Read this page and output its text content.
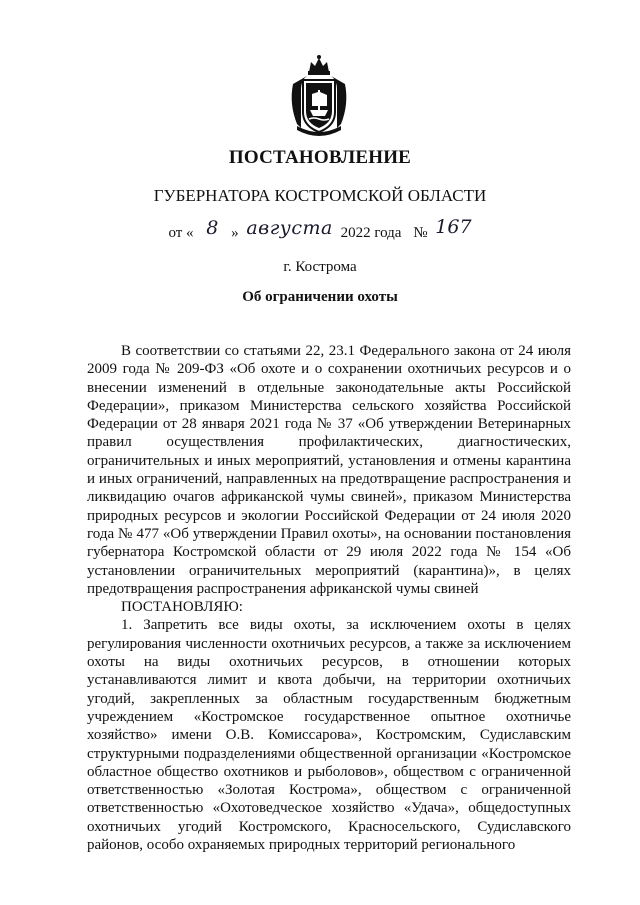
ПОСТАНОВЛЕНИЕ
ГУБЕРНАТОРА КОСТРОМСКОЙ ОБЛАСТИ
от « 8 » августа 2022 года № 167
г. Кострома
Об ограничении охоты

В соответствии со статьями 22, 23.1 Федерального закона от 24 июля 2009 года № 209-ФЗ «Об охоте и о сохранении охотничьих ресурсов и о внесении изменений в отдельные законодательные акты Российской Федерации», приказом Министерства сельского хозяйства Российской Федерации от 28 января 2021 года № 37 «Об утверждении Ветеринарных правил осуществления профилактических, диагностических, ограничительных и иных мероприятий, установления и отмены карантина и иных ограничений, направленных на предотвращение распространения и ликвидацию очагов африканской чумы свиней», приказом Министерства природных ресурсов и экологии Российской Федерации от 24 июля 2020 года № 477 «Об утверждении Правил охоты», на основании постановления губернатора Костромской области от 29 июля 2022 года № 154 «Об установлении ограничительных мероприятий (карантина)», в целях предотвращения распространения африканской чумы свиней

ПОСТАНОВЛЯЮ:

1. Запретить все виды охоты, за исключением охоты в целях регулирования численности охотничьих ресурсов, а также за исключением охоты на виды охотничьих ресурсов, в отношении которых устанавливаются лимит и квота добычи, на территории охотничьих угодий, закрепленных за областным государственным бюджетным учреждением «Костромское государственное опытное охотничье хозяйство» имени О.В. Комиссарова», Костромским, Судиславским структурными подразделениями общественной организации «Костромское областное общество охотников и рыболовов», обществом с ограниченной ответственностью «Золотая Кострома», обществом с ограниченной ответственностью «Охотоведческое хозяйство «Удача», общедоступных охотничьих угодий Костромского, Красносельского, Судиславского районов, особо охраняемых природных территорий регионального
